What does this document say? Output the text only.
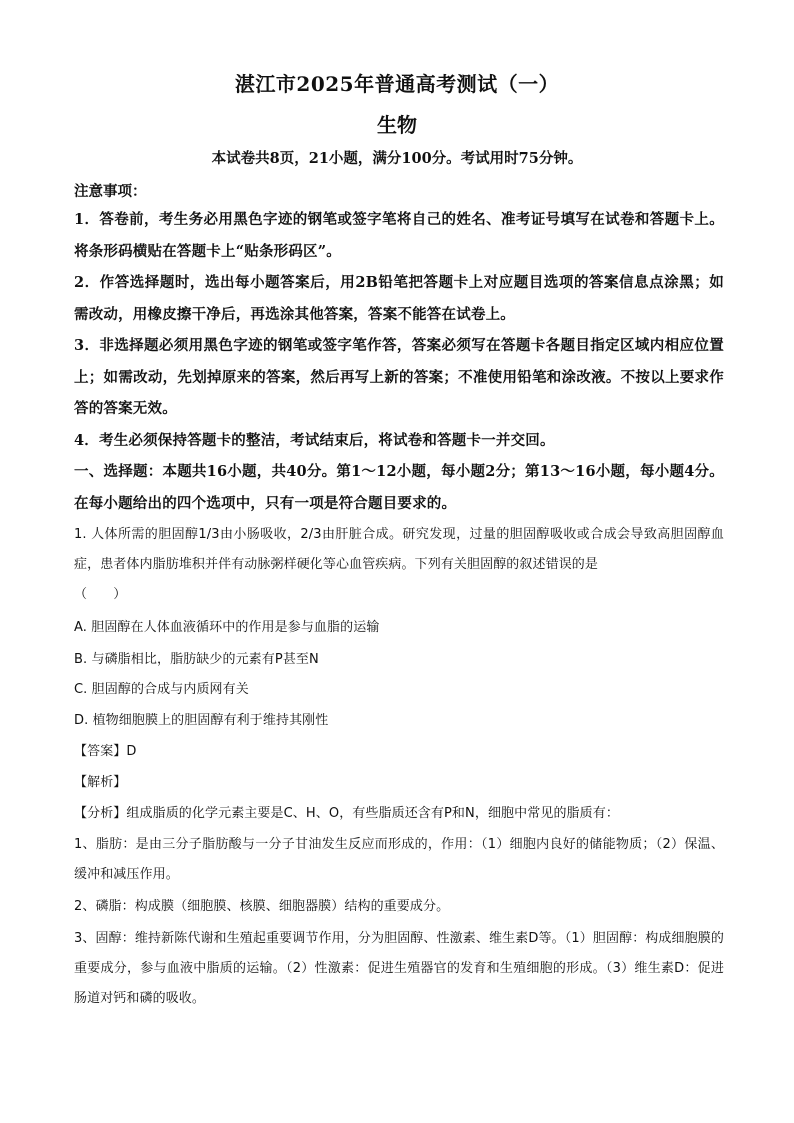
湛江市2025年普通高考测试（一）
生物
本试卷共8页，21小题，满分100分。考试用时75分钟。
注意事项：

1．答卷前，考生务必用黑色字迹的钢笔或签字笔将自己的姓名、准考证号填写在试卷和答题卡上。将条形码横贴在答题卡上“贴条形码区”。

2．作答选择题时，选出每小题答案后，用2B铅笔把答题卡上对应题目选项的答案信息点涂黑；如需改动，用橡皮擦干净后，再选涂其他答案，答案不能答在试卷上。

3．非选择题必须用黑色字迹的钢笔或签字笔作答，答案必须写在答题卡各题目指定区域内相应位置上；如需改动，先划掉原来的答案，然后再写上新的答案；不准使用铅笔和涂改液。不按以上要求作答的答案无效。

4．考生必须保持答题卡的整洁，考试结束后，将试卷和答题卡一并交回。

一、选择题：本题共16小题，共40分。第1～12小题，每小题2分；第13～16小题，每小题4分。在每小题给出的四个选项中，只有一项是符合题目要求的。

1. 人体所需的胆固醇1/3由小肠吸收，2/3由肝脏合成。研究发现，过量的胆固醇吸收或合成会导致高胆固醇血症，患者体内脂肪堆积并伴有动脉粥样硬化等心血管疾病。下列有关胆固醇的叙述错误的是

（　　）

A. 胆固醇在人体血液循环中的作用是参与血脂的运输

B. 与磷脂相比，脂肪缺少的元素有P甚至N

C. 胆固醇的合成与内质网有关

D. 植物细胞膜上的胆固醇有利于维持其刚性

【答案】D

【解析】

【分析】组成脂质的化学元素主要是C、H、O，有些脂质还含有P和N，细胞中常见的脂质有：

1、脂肪：是由三分子脂肪酸与一分子甘油发生反应而形成的，作用：（1）细胞内良好的储能物质；（2）保温、缓冲和减压作用。

2、磷脂：构成膜（细胞膜、核膜、细胞器膜）结构的重要成分。

3、固醇：维持新陈代谢和生殖起重要调节作用，分为胆固醇、性激素、维生素D等。（1）胆固醇：构成细胞膜的重要成分，参与血液中脂质的运输。（2）性激素：促进生殖器官的发育和生殖细胞的形成。（3）维生素D：促进肠道对钙和磷的吸收。
